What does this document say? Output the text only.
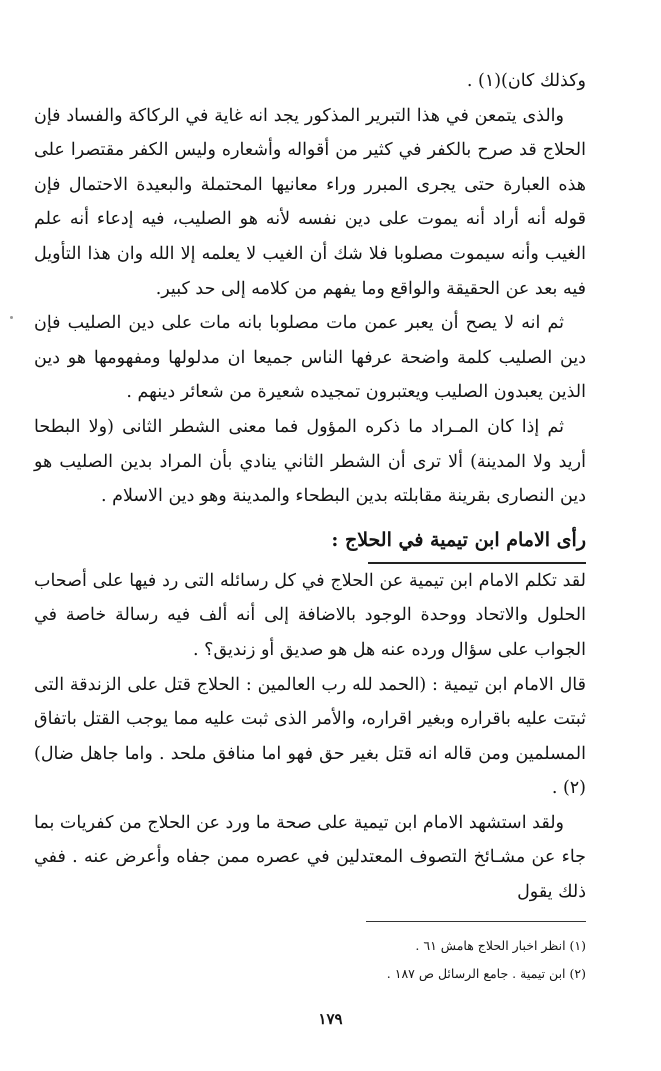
وكذلك كان)(١) .

والذى يتمعن في هذا التبرير المذكور يجد انه غاية في الركاكة والفساد فإن الحلاج قد صرح بالكفر في كثير من أقواله وأشعاره وليس الكفر مقتصرا على هذه العبارة حتى يجرى المبرر وراء معانيها المحتملة والبعيدة الاحتمال فإن قوله أنه أراد أنه يموت على دين نفسه لأنه هو الصليب، فيه إدعاء أنه علم الغيب وأنه سيموت مصلوبا فلا شك أن الغيب لا يعلمه إلا الله وان هذا التأويل فيه بعد عن الحقيقة والواقع وما يفهم من كلامه إلى حد كبير.

ثم انه لا يصح أن يعبر عمن مات مصلوبا بانه مات على دين الصليب فإن دين الصليب كلمة واضحة عرفها الناس جميعا ان مدلولها ومفهومها هو دين الذين يعبدون الصليب ويعتبرون تمجيده شعيرة من شعائر دينهم .

ثم إذا كان المـراد ما ذكره المؤول فما معنى الشطر الثانى (ولا البطحا أريد ولا المدينة) ألا ترى أن الشطر الثاني ينادي بأن المراد بدين الصليب هو دين النصارى بقرينة مقابلته بدين البطحاء والمدينة وهو دين الاسلام .

رأى الامام ابن تيمية في الحلاج :

لقد تكلم الامام ابن تيمية عن الحلاج في كل رسائله التى رد فيها على أصحاب الحلول والاتحاد ووحدة الوجود بالاضافة إلى أنه ألف فيه رسالة خاصة في الجواب على سؤال ورده عنه هل هو صديق أو زنديق؟ .

قال الامام ابن تيمية : (الحمد لله رب العالمين : الحلاج قتل على الزندقة التى ثبتت عليه باقراره وبغير اقراره، والأمر الذى ثبت عليه مما يوجب القتل باتفاق المسلمين ومن قاله انه قتل بغير حق فهو اما منافق ملحد . واما جاهل ضال)(٢) .

ولقد استشهد الامام ابن تيمية على صحة ما ورد عن الحلاج من كفريات بما جاء عن مشـائخ التصوف المعتدلين في عصره ممن جفاه وأعرض عنه . ففي ذلك يقول

(١) انظر اخبار الحلاج هامش ٦١ .

(٢) ابن تيمية . جامع الرسائل ص ١٨٧ .

١٧٩
